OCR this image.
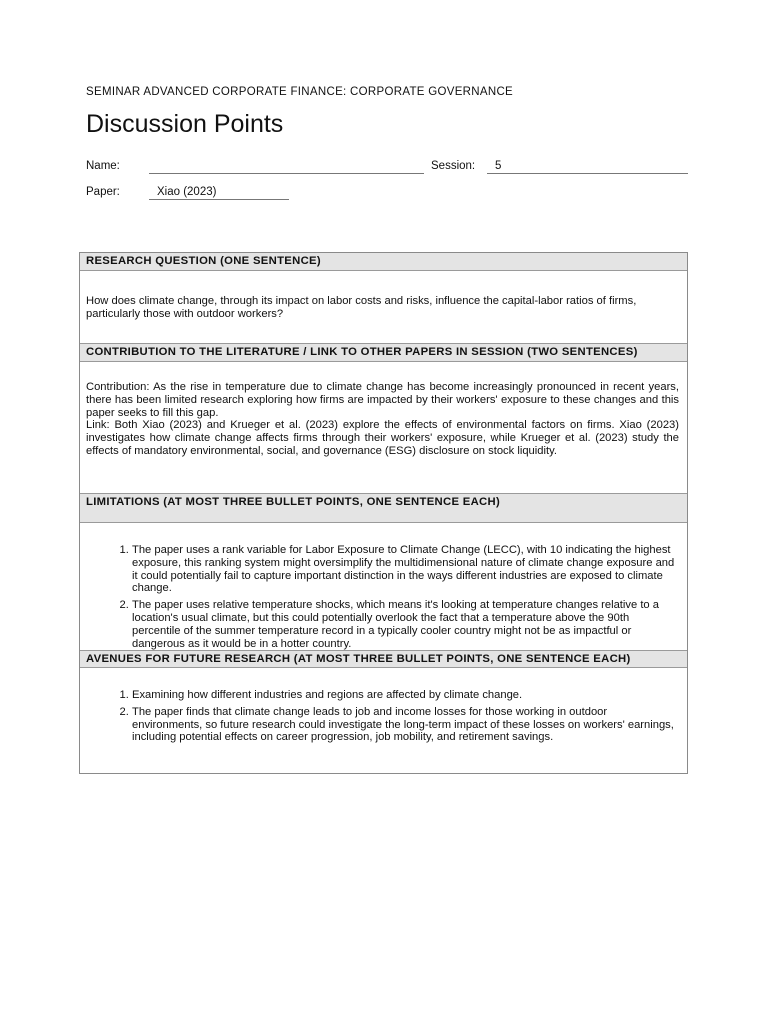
SEMINAR ADVANCED CORPORATE FINANCE: CORPORATE GOVERNANCE
Discussion Points
Name:	Session: 5
Paper:	Xiao (2023)
RESEARCH QUESTION (ONE SENTENCE)
How does climate change, through its impact on labor costs and risks, influence the capital-labor ratios of firms, particularly those with outdoor workers?
CONTRIBUTION TO THE LITERATURE / LINK TO OTHER PAPERS IN SESSION (TWO SENTENCES)

Contribution: As the rise in temperature due to climate change has become increasingly pronounced in recent years, there has been limited research exploring how firms are impacted by their workers' exposure to these changes and this paper seeks to fill this gap.

Link: Both Xiao (2023) and Krueger et al. (2023) explore the effects of environmental factors on firms. Xiao (2023) investigates how climate change affects firms through their workers' exposure, while Krueger et al. (2023) study the effects of mandatory environmental, social, and governance (ESG) disclosure on stock liquidity.

LIMITATIONS (AT MOST THREE BULLET POINTS, ONE SENTENCE EACH)
1. The paper uses a rank variable for Labor Exposure to Climate Change (LECC), with 10 indicating the highest exposure, this ranking system might oversimplify the multidimensional nature of climate change exposure and it could potentially fail to capture important distinction in the ways different industries are exposed to climate change.
2. The paper uses relative temperature shocks, which means it's looking at temperature changes relative to a location's usual climate, but this could potentially overlook the fact that a temperature above the 90th percentile of the summer temperature record in a typically cooler country might not be as impactful or dangerous as it would be in a hotter country.
AVENUES FOR FUTURE RESEARCH (AT MOST THREE BULLET POINTS, ONE SENTENCE EACH)
1. Examining how different industries and regions are affected by climate change.
2. The paper finds that climate change leads to job and income losses for those working in outdoor environments, so future research could investigate the long-term impact of these losses on workers' earnings, including potential effects on career progression, job mobility, and retirement savings.
